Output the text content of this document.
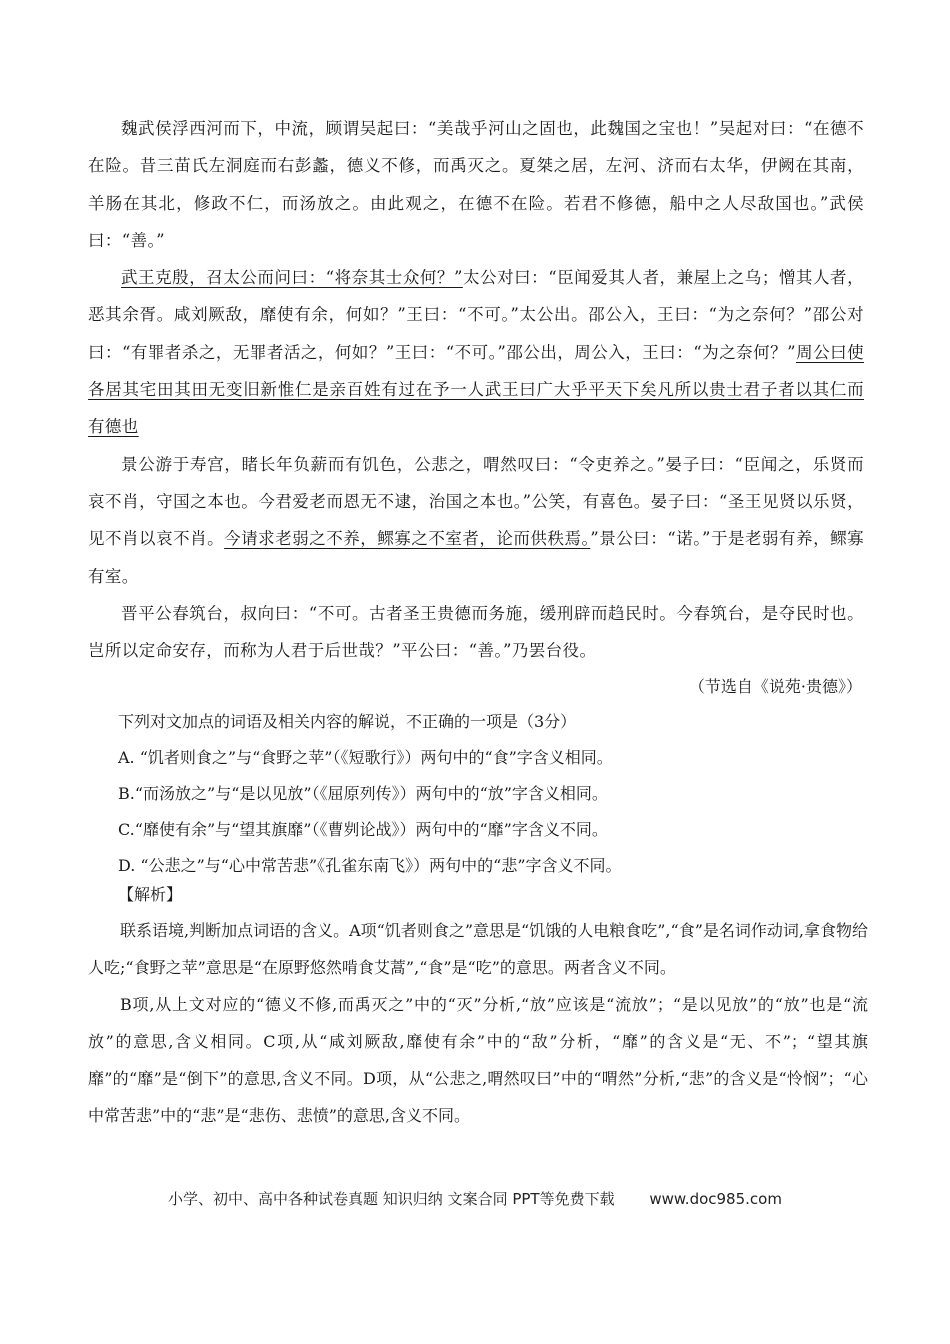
魏武侯浮西河而下，中流，顾谓吴起曰：“美哉乎河山之固也，此魏国之宝也！”吴起对曰：“在德不在险。昔三苗氏左洞庭而右彭蠡，德义不修，而禹灭之。夏桀之居，左河、济而右太华，伊阙在其南，羊肠在其北，修政不仁，而汤放之。由此观之，在德不在险。若君不修德，船中之人尽敌国也。”武侯曰：“善。”

武王克殷，召太公而问曰：“将奈其士众何？”太公对曰：“臣闻爱其人者，兼屋上之乌；憎其人者，恶其余胥。咸刘厥敌，靡使有余，何如？”王曰：“不可。”太公出。邵公入，王曰：“为之奈何？”邵公对曰：“有罪者杀之，无罪者活之，何如？”王曰：“不可。”邵公出，周公入，王曰：“为之奈何？”周公曰使各居其宅田其田无变旧新惟仁是亲百姓有过在予一人武王曰广大乎平天下矣凡所以贵士君子者以其仁而有德也

景公游于寿宫，睹长年负薪而有饥色，公悲之，喟然叹曰：“令吏养之。”晏子曰：“臣闻之，乐贤而哀不肖，守国之本也。今君爱老而恩无不逮，治国之本也。”公笑，有喜色。晏子曰：“圣王见贤以乐贤，见不肖以哀不肖。今请求老弱之不养，鳏寡之不室者，论而供秩焉。”景公曰：“诺。”于是老弱有养，鳏寡有室。

晋平公春筑台，叔向曰：“不可。古者圣王贵德而务施，缓刑辟而趋民时。今春筑台，是夺民时也。岂所以定命安存，而称为人君于后世哉？”平公曰：“善。”乃罢台役。

（节选自《说苑·贵德》）

下列对文加点的词语及相关内容的解说，不正确的一项是（3分）

A. “饥者则食之”与“食野之苹”（《短歌行》）两句中的“食”字含义相同。

B.“而汤放之”与“是以见放”（《屈原列传》）两句中的“放”字含义相同。

C.“靡使有余”与“望其旗靡”（《曹刿论战》）两句中的“靡”字含义不同。

D. “公悲之”与“心中常苦悲”《孔雀东南飞》）两句中的“悲”字含义不同。

【解析】

联系语境,判断加点词语的含义。A项“饥者则食之”意思是“饥饿的人电粮食吃”,“食”是名词作动词,拿食物给人吃;“食野之苹”意思是“在原野悠然啃食艾蒿”,“食”是“吃”的意思。两者含义不同。

B项,从上文对应的“德义不修,而禹灭之”中的“灭”分析,“放”应该是“流放”；“是以见放”的“放”也是“流放”的意思,含义相同。C项,从“咸刘厥敌,靡使有余”中的“敌”分析，“靡”的含义是“无、不”；“望其旗靡”的“靡”是“倒下”的意思,含义不同。D项，从“公悲之,喟然叹曰”中的“喟然”分析,“悲”的含义是“怜悯”；“心中常苦悲”中的“悲”是“悲伤、悲愤”的意思,含义不同。

小学、初中、高中各种试卷真题 知识归纳 文案合同 PPT等免费下载 www.doc985.com
